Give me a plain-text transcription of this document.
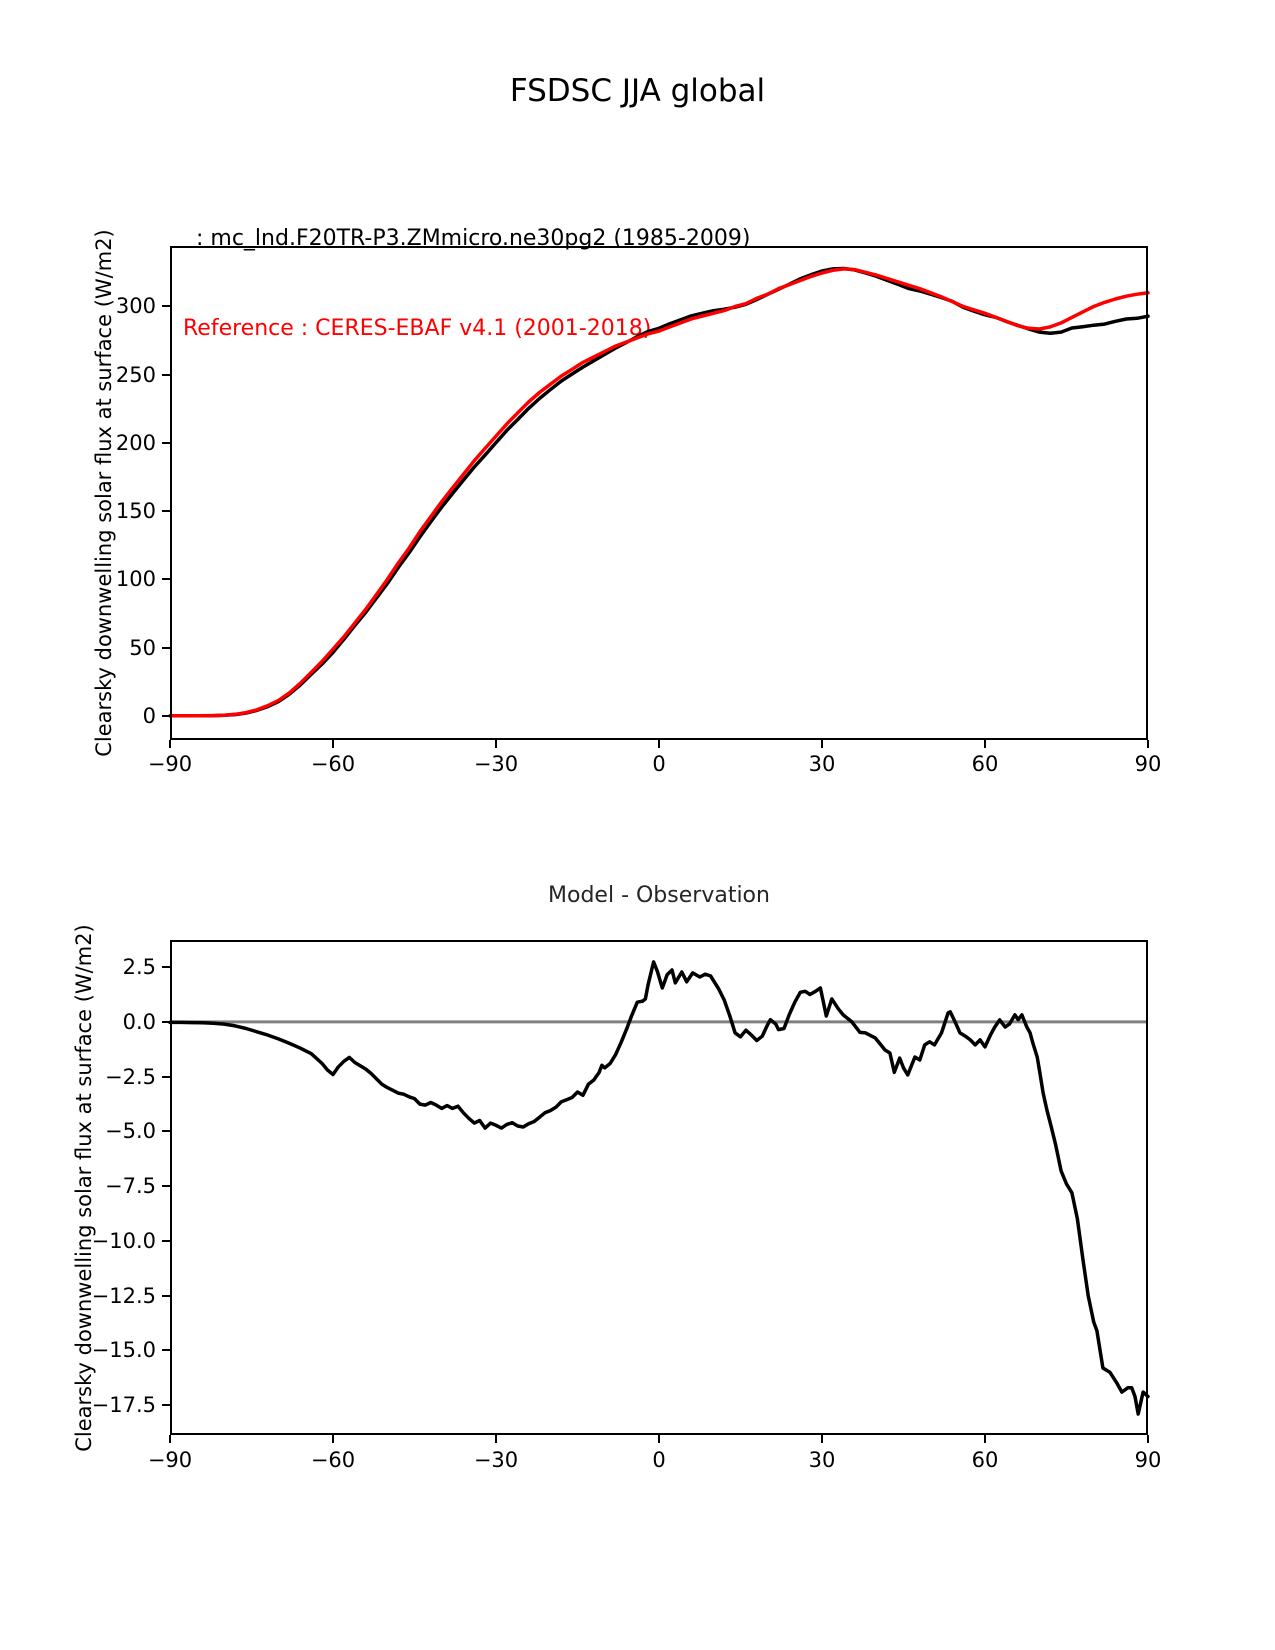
FSDSC JJA global

: mc_lnd.F20TR-P3.ZMmicro.ne30pg2 (1985-2009)

Reference : CERES-EBAF v4.1 (2001-2018)

Clearsky downwelling solar flux at surface (W/m2)
Model - Observation
Clearsky downwelling solar flux at surface (W/m2)
−90	−60	−30	0	30	60	90
0
50
100
150
200
250
300
−90	−60	−30	0	30	60	90
2.5
0.0
−2.5
−5.0
−7.5
−10.0
−12.5
−15.0
−17.5
